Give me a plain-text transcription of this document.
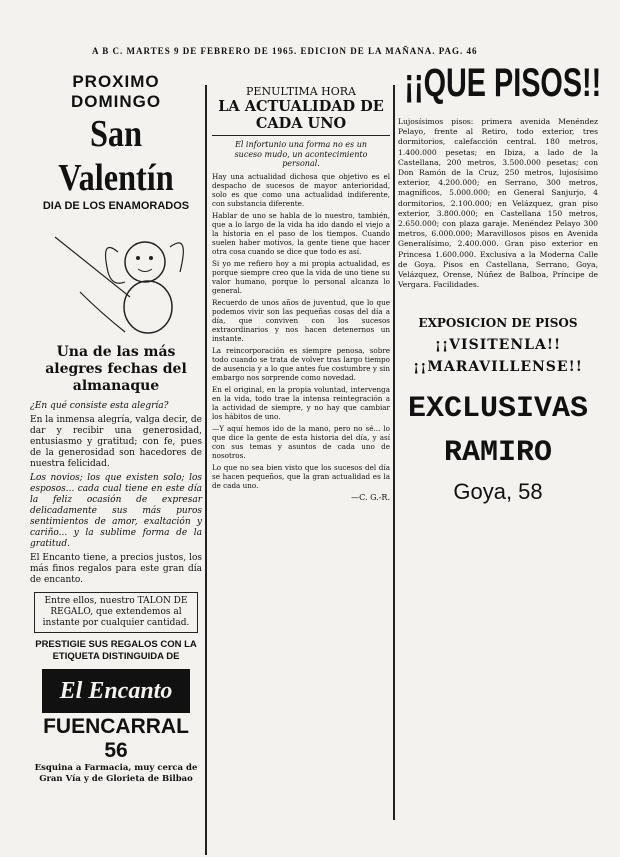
A B C. MARTES 9 DE FEBRERO DE 1965. EDICION DE LA MAÑANA. PAG. 46
PROXIMO DOMINGO
San Valentín
DIA DE LOS ENAMORADOS
Una de las más alegres fechas del almanaque

¿En qué consiste esta alegría?

En la inmensa alegría, valga decir, de dar y recibir una generosidad, entusiasmo y gratitud; con fe, pues de la generosidad son hacedores de nuestra felicidad.

Los novios; los que existen solo; los esposos... cada cual tiene en este día la feliz ocasión de expresar delicadamente sus más puros sentimientos de amor, exaltación y cariño... y la sublime forma de la gratitud.

El Encanto tiene, a precios justos, los más finos regalos para este gran día de encanto.

Entre ellos, nuestro TALON DE REGALO, que extendemos al instante por cualquier cantidad.
PRESTIGIE SUS REGALOS CON LA ETIQUETA DISTINGUIDA DE
El Encanto
FUENCARRAL 56
Esquina a Farmacia, muy cerca de Gran Vía y de Glorieta de Bilbao
PENULTIMA HORA
LA ACTUALIDAD DE CADA UNO

El infortunio una forma no es un suceso mudo, un acontecimiento personal.

Hay una actualidad dichosa que objetivo es el despacho de sucesos de mayor anterioridad, solo es que como una actualidad indiferente, con substancia diferente.

Hablar de uno se habla de lo nuestro, también, que a lo largo de la vida ha ido dando el viejo a la historia en el paso de los tiempos. Cuando suelen haber motivos, la gente tiene que hacer otra cosa cuando se dice que todo es así.

Si yo me refiero hoy a mi propia actualidad, es porque siempre creo que la vida de uno tiene su valor humano, porque lo personal alcanza lo general.

Recuerdo de unos años de juventud, que lo que podemos vivir son las pequeñas cosas del día a día, que conviven con los sucesos extraordinarios y nos hacen detenernos un instante.

La reincorporación es siempre penosa, sobre todo cuando se trata de volver tras largo tiempo de ausencia y a lo que antes fue costumbre y sin embargo nos sorprende como novedad.

En el original, en la propia voluntad, intervenga en la vida, todo trae la intensa reintegración a la actividad de siempre, y no hay que cambiar los hábitos de uno.

—Y aquí hemos ido de la mano, pero no sé... lo que dice la gente de esta historia del día, y así con sus temas y asuntos de cada uno de nosotros.

Lo que no sea bien visto que los sucesos del día se hacen pequeños, que la gran actualidad es la de cada uno.

—C. G.-R.
¡¡QUE PISOS!!

Lujosísimos pisos: primera avenida Menéndez Pelayo, frente al Retiro, todo exterior, tres dormitorios, calefacción central. 180 metros, 1.400.000 pesetas; en Ibiza, a lado de la Castellana, 200 metros, 3.500.000 pesetas; con Don Ramón de la Cruz, 250 metros, lujosísimo exterior, 4.200.000; en Serrano, 300 metros, magníficos, 5.000.000; en General Sanjurjo, 4 dormitorios, 2.100.000; en Velázquez, gran piso exterior, 3.800.000; en Castellana 150 metros, 2.650.000; con plaza garaje. Menéndez Pelayo 300 metros, 6.000.000; Maravillosos pisos en Avenida Generalísimo, 2.400.000. Gran piso exterior en Princesa 1.600.000. Exclusiva a la Moderna Calle de Goya. Pisos en Castellana, Serrano, Goya, Velázquez, Orense, Núñez de Balboa, Príncipe de Vergara. Facilidades.

EXPOSICION DE PISOS
¡¡VISITENLA!!
¡¡MARAVILLENSE!!
EXCLUSIVAS
RAMIRO
Goya, 58
